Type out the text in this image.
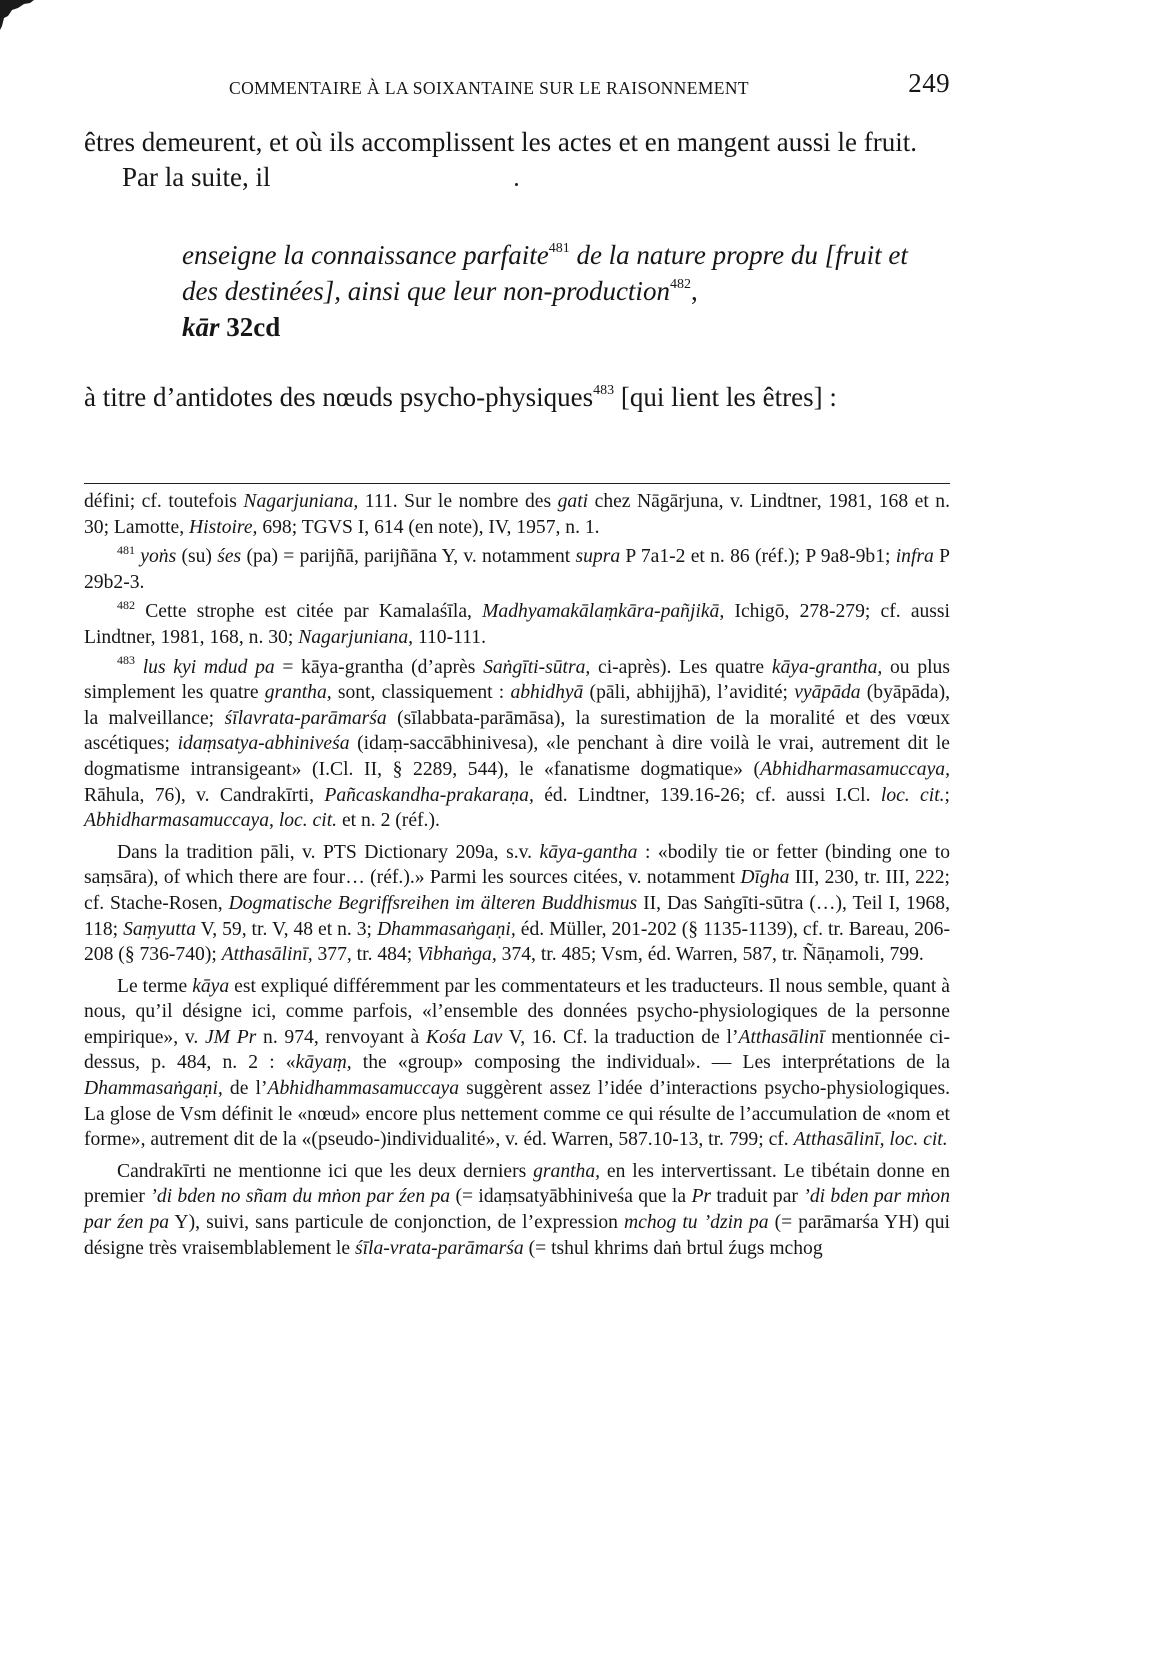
COMMENTAIRE À LA SOIXANTAINE SUR LE RAISONNEMENT	249

êtres demeurent, et où ils accomplissent les actes et en mangent aussi le fruit.

Par la suite, il

enseigne la connaissance parfaite$^{481}$ de la nature propre du [fruit et des destinées], ainsi que leur non-production$^{482}$,
kār 32cd

à titre d’antidotes des nœuds psycho-physiques$^{483}$ [qui lient les êtres] :

défini; cf. toutefois Nagarjuniana, 111. Sur le nombre des gati chez Nāgārjuna, v. Lindtner, 1981, 168 et n. 30; Lamotte, Histoire, 698; TGVS I, 614 (en note), IV, 1957, n. 1.

$^{481}$ yoṅs (su) śes (pa) = parijñā, parijñāna Y, v. notamment supra P 7a1-2 et n. 86 (réf.); P 9a8-9b1; infra P 29b2-3.

$^{482}$ Cette strophe est citée par Kamalaśīla, Madhyamakālaṃkāra-pañjikā, Ichigō, 278-279; cf. aussi Lindtner, 1981, 168, n. 30; Nagarjuniana, 110-111.

$^{483}$ lus kyi mdud pa = kāya-grantha (d’après Saṅgīti-sūtra, ci-après). Les quatre kāya-grantha, ou plus simplement les quatre grantha, sont, classiquement : abhidhyā (pāli, abhijjhā), l’avidité; vyāpāda (byāpāda), la malveillance; śīlavrata-parāmarśa (sīlabbata-parāmāsa), la surestimation de la moralité et des vœux ascétiques; idaṃsatya-abhiniveśa (idaṃ-saccābhinivesa), «le penchant à dire voilà le vrai, autrement dit le dogmatisme intransigeant» (I.Cl. II, § 2289, 544), le «fanatisme dogmatique» (Abhidharmasamuccaya, Rāhula, 76), v. Candrakīrti, Pañcaskandha-prakaraṇa, éd. Lindtner, 139.16-26; cf. aussi I.Cl. loc. cit.; Abhidharmasamuccaya, loc. cit. et n. 2 (réf.).

Dans la tradition pāli, v. PTS Dictionary 209a, s.v. kāya-gantha : «bodily tie or fetter (binding one to saṃsāra), of which there are four… (réf.).» Parmi les sources citées, v. notamment Dīgha III, 230, tr. III, 222; cf. Stache-Rosen, Dogmatische Begriffsreihen im älteren Buddhismus II, Das Saṅgīti-sūtra (…), Teil I, 1968, 118; Saṃyutta V, 59, tr. V, 48 et n. 3; Dhammasaṅgaṇi, éd. Müller, 201-202 (§ 1135-1139), cf. tr. Bareau, 206-208 (§ 736-740); Atthasālinī, 377, tr. 484; Vibhaṅga, 374, tr. 485; Vsm, éd. Warren, 587, tr. Ñāṇamoli, 799.

Le terme kāya est expliqué différemment par les commentateurs et les traducteurs. Il nous semble, quant à nous, qu’il désigne ici, comme parfois, «l’ensemble des données psycho-physiologiques de la personne empirique», v. JM Pr n. 974, renvoyant à Kośa Lav V, 16. Cf. la traduction de l’Atthasālinī mentionnée ci-dessus, p. 484, n. 2 : «kāyaṃ, the «group» composing the individual». — Les interprétations de la Dhammasaṅgaṇi, de l’Abhidhammasamuccaya suggèrent assez l’idée d’interactions psycho-physiologiques. La glose de Vsm définit le «nœud» encore plus nettement comme ce qui résulte de l’accumulation de «nom et forme», autrement dit de la «(pseudo-)individualité», v. éd. Warren, 587.10-13, tr. 799; cf. Atthasālinī, loc. cit.

Candrakīrti ne mentionne ici que les deux derniers grantha, en les intervertissant. Le tibétain donne en premier ’di bden no sñam du mṅon par źen pa (= idaṃsatyābhiniveśa que la Pr traduit par ’di bden par mṅon par źen pa Y), suivi, sans particule de conjonction, de l’expression mchog tu ’dzin pa (= parāmarśa YH) qui désigne très vraisemblablement le śīla-vrata-parāmarśa (= tshul khrims daṅ brtul źugs mchog
